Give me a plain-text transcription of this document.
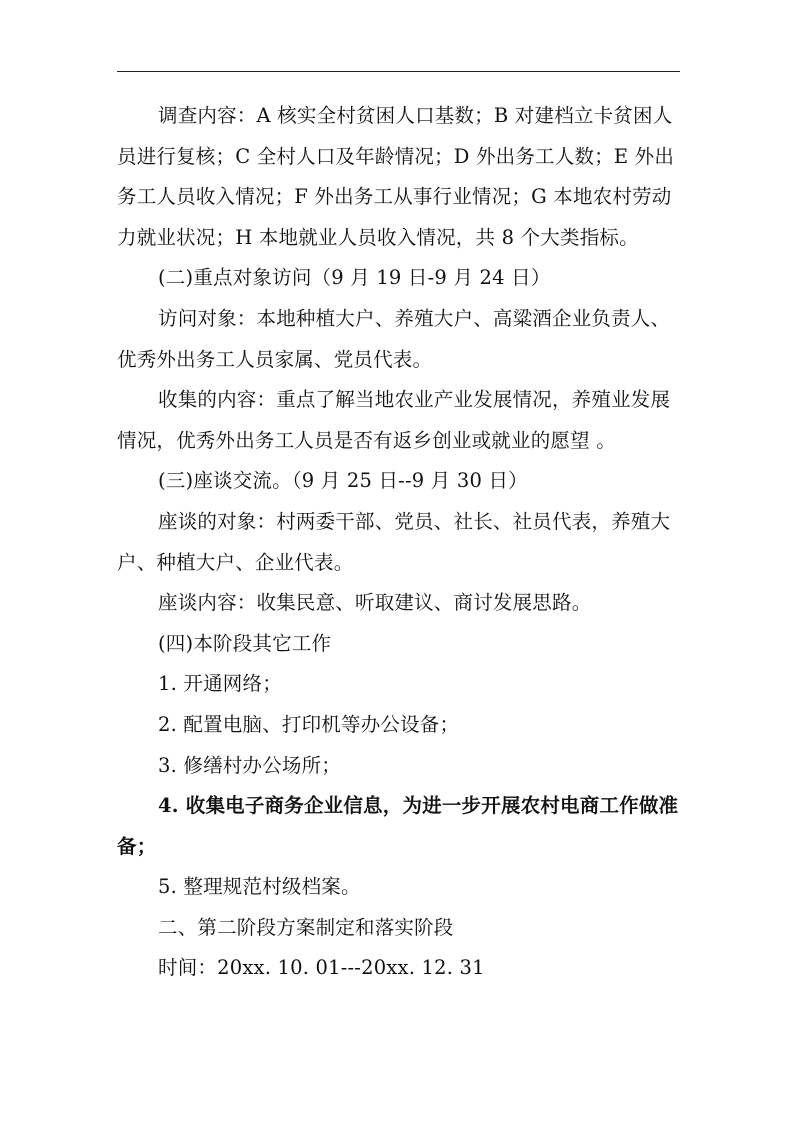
调查内容：A 核实全村贫困人口基数；B 对建档立卡贫困人员进行复核；C 全村人口及年龄情况；D 外出务工人数；E 外出务工人员收入情况；F 外出务工从事行业情况；G 本地农村劳动力就业状况；H 本地就业人员收入情况，共 8 个大类指标。

(二)重点对象访问（9 月 19 日-9 月 24 日）

访问对象：本地种植大户、养殖大户、高粱酒企业负责人、优秀外出务工人员家属、党员代表。

收集的内容：重点了解当地农业产业发展情况，养殖业发展情况，优秀外出务工人员是否有返乡创业或就业的愿望 。

(三)座谈交流。（9 月 25 日--9 月 30 日）

座谈的对象：村两委干部、党员、社长、社员代表，养殖大户、种植大户、企业代表。

座谈内容：收集民意、听取建议、商讨发展思路。

(四)本阶段其它工作

1. 开通网络；

2. 配置电脑、打印机等办公设备；

3. 修缮村办公场所；

4. 收集电子商务企业信息，为进一步开展农村电商工作做准备；

5. 整理规范村级档案。

二、第二阶段方案制定和落实阶段

时间：20xx. 10. 01---20xx. 12. 31
